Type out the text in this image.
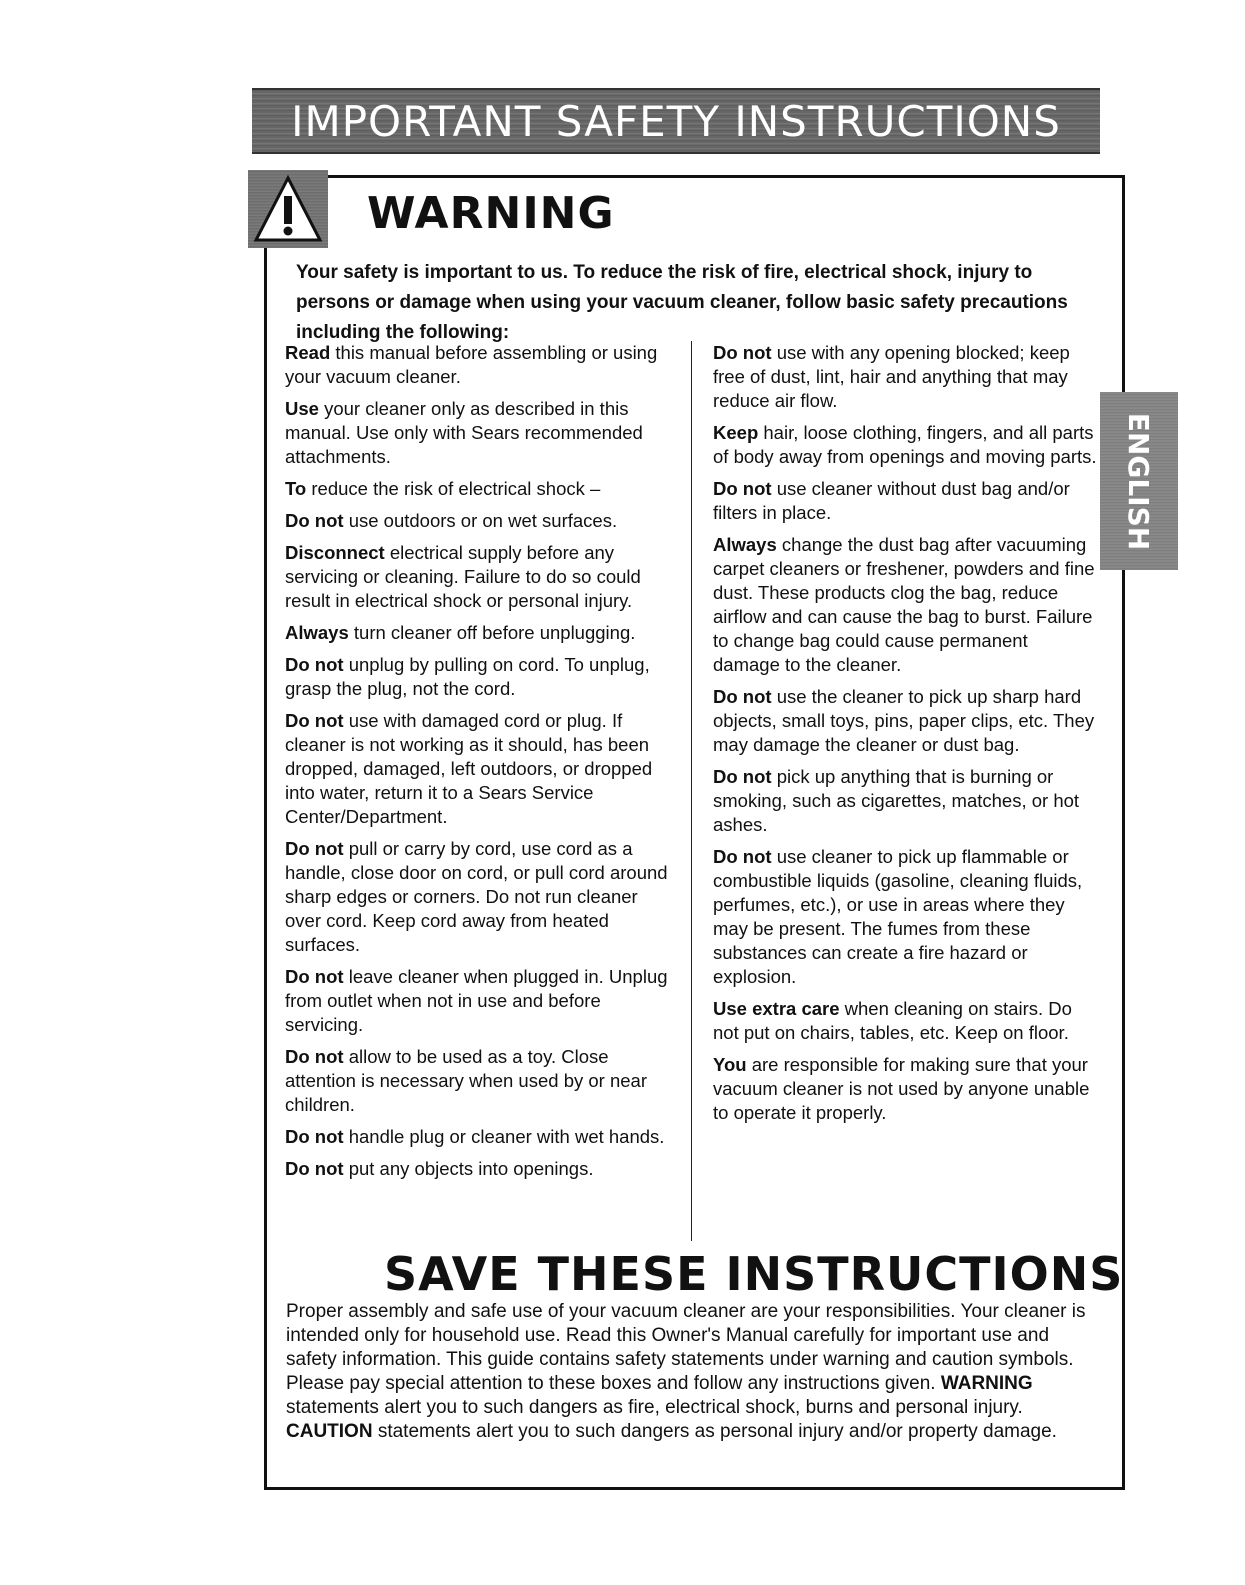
IMPORTANT SAFETY INSTRUCTIONS
WARNING
Your safety is important to us. To reduce the risk of fire, electrical shock, injury to persons or damage when using your vacuum cleaner, follow basic safety precautions including the following:
Read this manual before assembling or using your vacuum cleaner.
Use your cleaner only as described in this manual. Use only with Sears recommended attachments.
To reduce the risk of electrical shock –
Do not use outdoors or on wet surfaces.
Disconnect electrical supply before any servicing or cleaning. Failure to do so could result in electrical shock or personal injury.
Always turn cleaner off before unplugging.
Do not unplug by pulling on cord. To unplug, grasp the plug, not the cord.
Do not use with damaged cord or plug. If cleaner is not working as it should, has been dropped, damaged, left outdoors, or dropped into water, return it to a Sears Service Center/Department.
Do not pull or carry by cord, use cord as a handle, close door on cord, or pull cord around sharp edges or corners. Do not run cleaner over cord. Keep cord away from heated surfaces.
Do not leave cleaner when plugged in. Unplug from outlet when not in use and before servicing.
Do not allow to be used as a toy. Close attention is necessary when used by or near children.
Do not handle plug or cleaner with wet hands.
Do not put any objects into openings.
Do not use with any opening blocked; keep free of dust, lint, hair and anything that may reduce air flow.
Keep hair, loose clothing, fingers, and all parts of body away from openings and moving parts.
Do not use cleaner without dust bag and/or filters in place.
Always change the dust bag after vacuuming carpet cleaners or freshener, powders and fine dust. These products clog the bag, reduce airflow and can cause the bag to burst. Failure to change bag could cause permanent damage to the cleaner.
Do not use the cleaner to pick up sharp hard objects, small toys, pins, paper clips, etc. They may damage the cleaner or dust bag.
Do not pick up anything that is burning or smoking, such as cigarettes, matches, or hot ashes.
Do not use cleaner to pick up flammable or combustible liquids (gasoline, cleaning fluids, perfumes, etc.), or use in areas where they may be present. The fumes from these substances can create a fire hazard or explosion.
Use extra care when cleaning on stairs. Do not put on chairs, tables, etc. Keep on floor.
You are responsible for making sure that your vacuum cleaner is not used by anyone unable to operate it properly.
ENGLISH
SAVE THESE INSTRUCTIONS
Proper assembly and safe use of your vacuum cleaner are your responsibilities. Your cleaner is intended only for household use. Read this Owner's Manual carefully for important use and safety information. This guide contains safety statements under warning and caution symbols. Please pay special attention to these boxes and follow any instructions given. WARNING statements alert you to such dangers as fire, electrical shock, burns and personal injury. CAUTION statements alert you to such dangers as personal injury and/or property damage.
